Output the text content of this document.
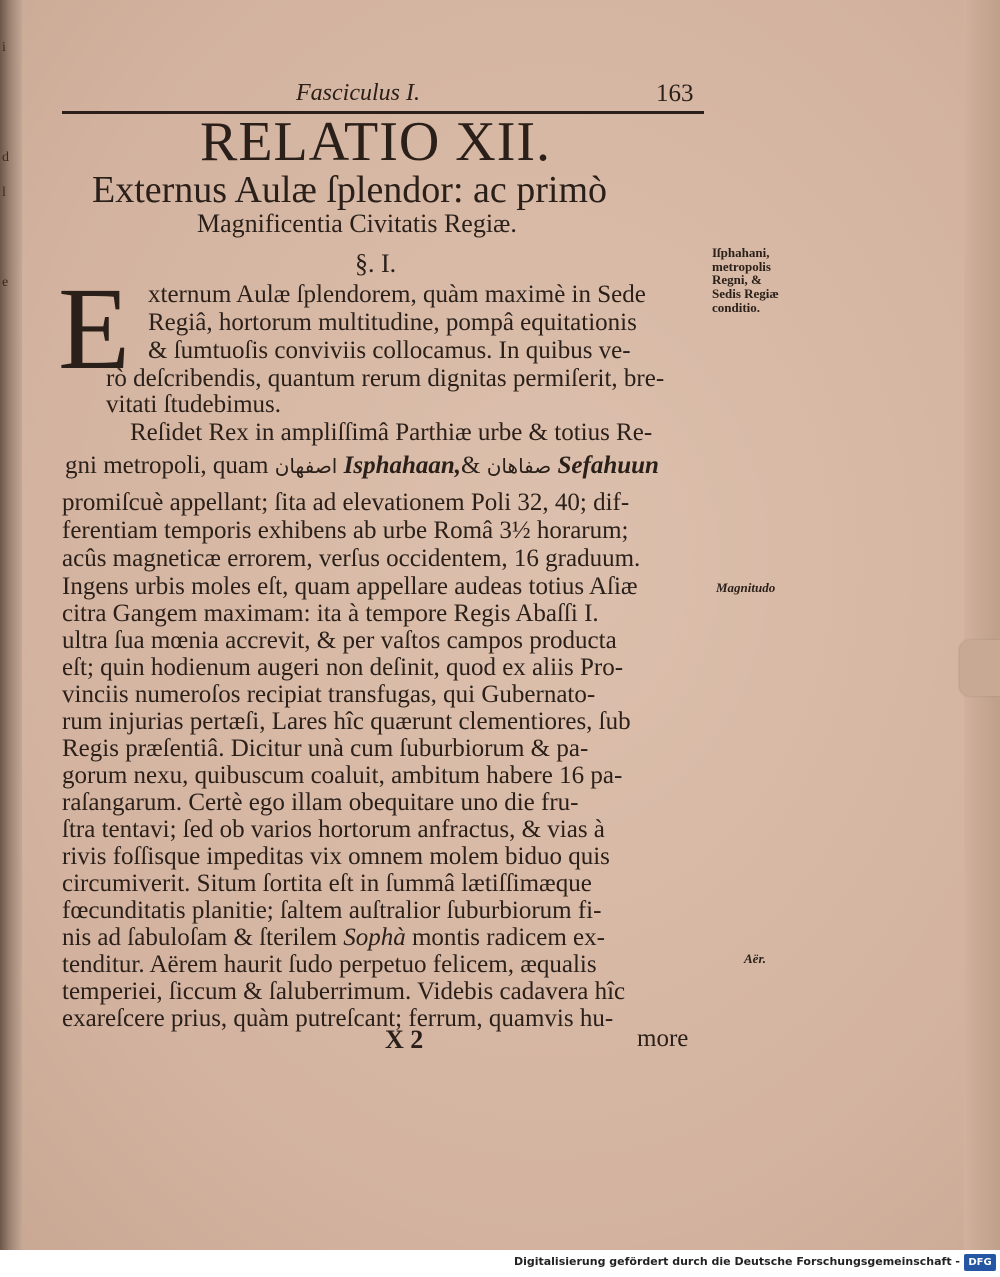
i
d
l
e
Fasciculus I.	163
RELATIO XII.
Externus Aulæ ſplendor: ac primò
Magnificentia Civitatis Regiæ.
§. I.
E xternum Aulæ ſplendorem, quàm maximè in Sede
Regiâ, hortorum multitudine, pompâ equitationis
& ſumtuoſis conviviis collocamus. In quibus ve-
rò deſcribendis, quantum rerum dignitas permiſerit, bre-
vitati ſtudebimus.
Reſidet Rex in ampliſſimâ Parthiæ urbe & totius Re-
gni metropoli, quam اصفهان Isphahaan,& صفاهان Sefahuun
promiſcuè appellant; ſita ad elevationem Poli 32, 40; dif-
ferentiam temporis exhibens ab urbe Româ 3½ horarum;
acûs magneticæ errorem, verſus occidentem, 16 graduum.
Ingens urbis moles eſt, quam appellare audeas totius Aſiæ
citra Gangem maximam: ita à tempore Regis Abaſſi I.
ultra ſua mœnia accrevit, & per vaſtos campos producta
eſt; quin hodienum augeri non deſinit, quod ex aliis Pro-
vinciis numeroſos recipiat transfugas, qui Gubernato-
rum injurias pertæſi, Lares hîc quærunt clementiores, ſub
Regis præſentiâ. Dicitur unà cum ſuburbiorum & pa-
gorum nexu, quibuscum coaluit, ambitum habere 16 pa-
raſangarum. Certè ego illam obequitare uno die fru-
ſtra tentavi; ſed ob varios hortorum anfractus, & vias à
rivis foſſisque impeditas vix omnem molem biduo quis
circumiverit. Situm ſortita eſt in ſummâ lætiſſimæque
fœcunditatis planitie; ſaltem auſtralior ſuburbiorum fi-
nis ad ſabuloſam & ſterilem Sophà montis radicem ex-
tenditur. Aërem haurit ſudo perpetuo felicem, æqualis
temperiei, ſiccum & ſaluberrimum. Videbis cadavera hîc
exareſcere prius, quàm putreſcant; ferrum, quamvis hu-
X 2	more
Iſphahani,
metropolis
Regni, &
Sedis Regiæ
conditio.
Magnitudo
Aër.
Digitalisierung gefördert durch die Deutsche Forschungsgemeinschaft - DFG
